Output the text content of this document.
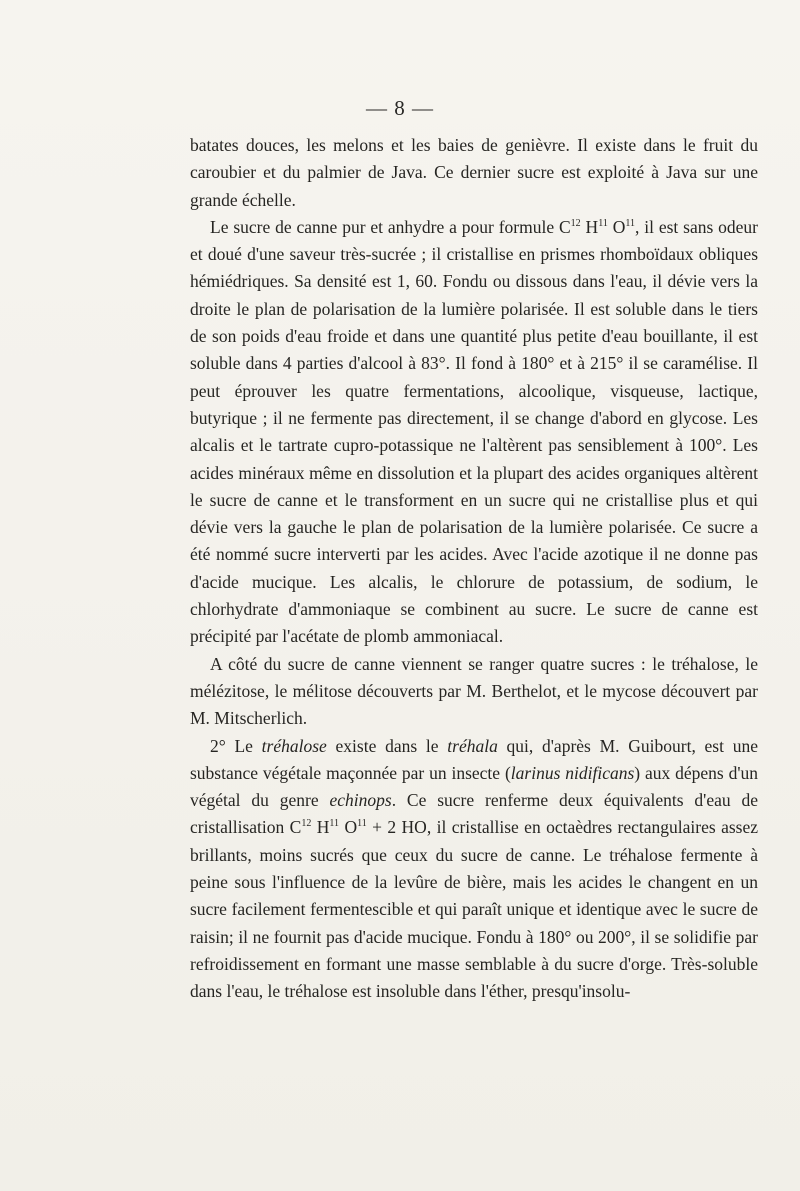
— 8 —

batates douces, les melons et les baies de genièvre. Il existe dans le fruit du caroubier et du palmier de Java. Ce dernier sucre est exploité à Java sur une grande échelle.

Le sucre de canne pur et anhydre a pour formule $C^{12}$ $H^{11}$ $O^{11}$, il est sans odeur et doué d'une saveur très-sucrée ; il cristallise en prismes rhomboïdaux obliques hémiédriques. Sa densité est 1, 60. Fondu ou dissous dans l'eau, il dévie vers la droite le plan de polarisation de la lumière polarisée. Il est soluble dans le tiers de son poids d'eau froide et dans une quantité plus petite d'eau bouillante, il est soluble dans 4 parties d'alcool à 83°. Il fond à 180° et à 215° il se caramélise. Il peut éprouver les quatre fermentations, alcoolique, visqueuse, lactique, butyrique ; il ne fermente pas directement, il se change d'abord en glycose. Les alcalis et le tartrate cupro-potassique ne l'altèrent pas sensiblement à 100°. Les acides minéraux même en dissolution et la plupart des acides organiques altèrent le sucre de canne et le transforment en un sucre qui ne cristallise plus et qui dévie vers la gauche le plan de polarisation de la lumière polarisée. Ce sucre a été nommé sucre interverti par les acides. Avec l'acide azotique il ne donne pas d'acide mucique. Les alcalis, le chlorure de potassium, de sodium, le chlorhydrate d'ammoniaque se combinent au sucre. Le sucre de canne est précipité par l'acétate de plomb ammoniacal.

A côté du sucre de canne viennent se ranger quatre sucres : le tréhalose, le mélézitose, le mélitose découverts par M. Berthelot, et le mycose découvert par M. Mitscherlich.

2° Le tréhalose existe dans le tréhala qui, d'après M. Guibourt, est une substance végétale maçonnée par un insecte (larinus nidificans) aux dépens d'un végétal du genre echinops. Ce sucre renferme deux équivalents d'eau de cristallisation $C^{12}$ $H^{11}$ $O^{11} + 2$ HO, il cristallise en octaèdres rectangulaires assez brillants, moins sucrés que ceux du sucre de canne. Le tréhalose fermente à peine sous l'influence de la levûre de bière, mais les acides le changent en un sucre facilement fermentescible et qui paraît unique et identique avec le sucre de raisin; il ne fournit pas d'acide mucique. Fondu à 180° ou 200°, il se solidifie par refroidissement en formant une masse semblable à du sucre d'orge. Très-soluble dans l'eau, le tréhalose est insoluble dans l'éther, presqu'insolu-
